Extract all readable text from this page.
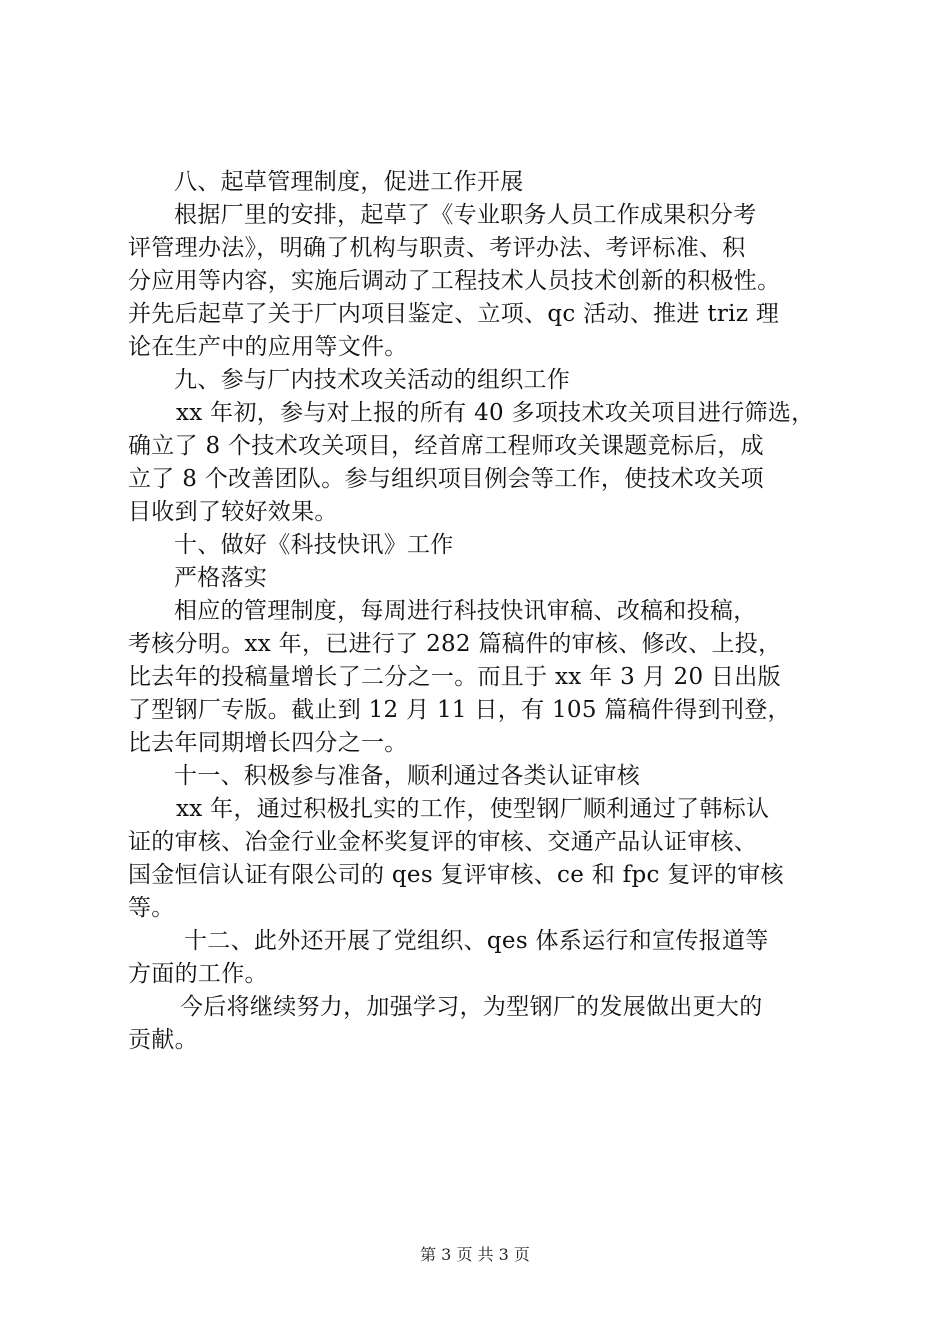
八、起草管理制度，促进工作开展
根据厂里的安排，起草了《专业职务人员工作成果积分考
评管理办法》，明确了机构与职责、考评办法、考评标准、积
分应用等内容，实施后调动了工程技术人员技术创新的积极性。
并先后起草了关于厂内项目鉴定、立项、qc 活动、推进 triz 理
论在生产中的应用等文件。
九、参与厂内技术攻关活动的组织工作
xx 年初，参与对上报的所有 40 多项技术攻关项目进行筛选，
确立了 8 个技术攻关项目，经首席工程师攻关课题竞标后，成
立了 8 个改善团队。参与组织项目例会等工作，使技术攻关项
目收到了较好效果。
十、做好《科技快讯》工作
严格落实
相应的管理制度，每周进行科技快讯审稿、改稿和投稿，
考核分明。xx 年，已进行了 282 篇稿件的审核、修改、上投，
比去年的投稿量增长了二分之一。而且于 xx 年 3 月 20 日出版
了型钢厂专版。截止到 12 月 11 日，有 105 篇稿件得到刊登，
比去年同期增长四分之一。
十一、积极参与准备，顺利通过各类认证审核
xx 年，通过积极扎实的工作，使型钢厂顺利通过了韩标认
证的审核、冶金行业金杯奖复评的审核、交通产品认证审核、
国金恒信认证有限公司的 qes 复评审核、ce 和 fpc 复评的审核
等。
十二、此外还开展了党组织、qes 体系运行和宣传报道等
方面的工作。
今后将继续努力，加强学习，为型钢厂的发展做出更大的
贡献。
第 3 页 共 3 页
